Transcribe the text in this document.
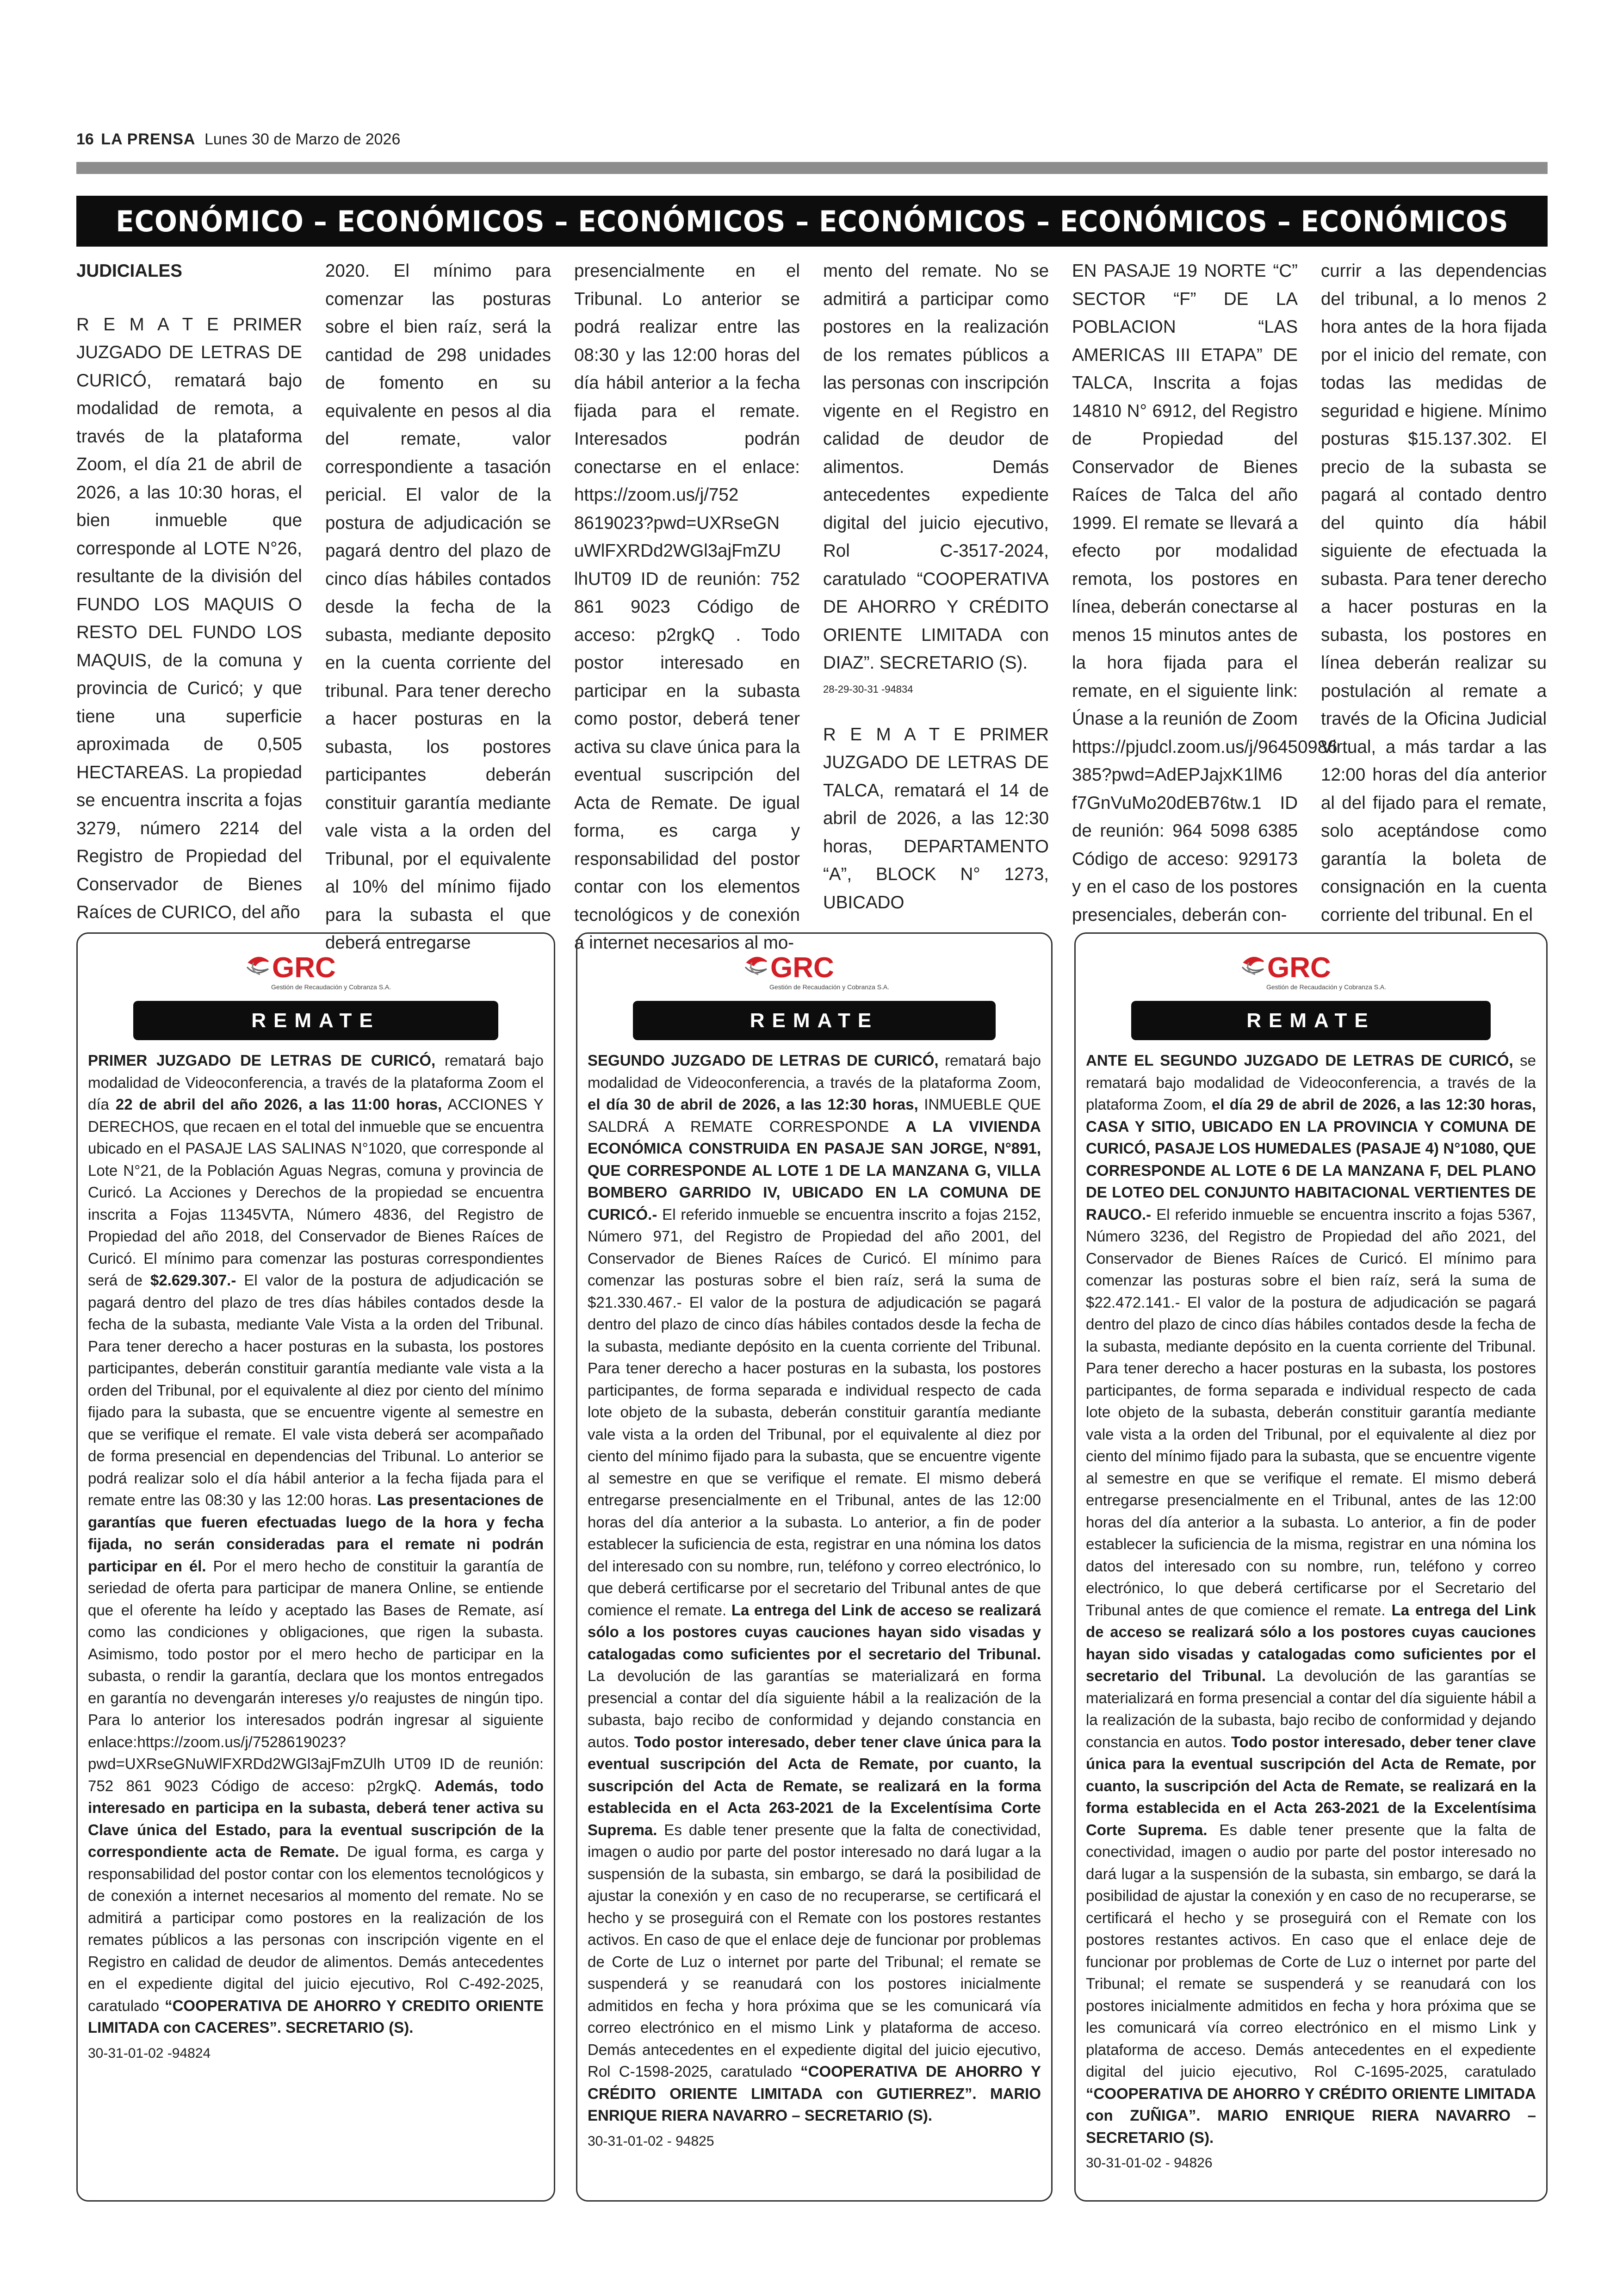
16 LA PRENSA Lunes 30 de Marzo de 2026
ECONÓMICO – ECONÓMICOS – ECONÓMICOS – ECONÓMICOS – ECONÓMICOS – ECONÓMICOS
JUDICIALES
R E M A T E PRIMER JUZGADO DE LETRAS DE CURICÓ, rematará bajo modalidad de remota, a través de la plataforma Zoom, el día 21 de abril de 2026, a las 10:30 horas, el bien inmueble que corresponde al LOTE N°26, resultante de la división del FUNDO LOS MAQUIS O RESTO DEL FUNDO LOS MAQUIS, de la comuna y provincia de Curicó; y que tiene una superficie aproximada de 0,505 HECTAREAS. La propiedad se encuentra inscrita a fojas 3279, número 2214 del Registro de Propiedad del Conservador de Bienes Raíces de CURICO, del año
2020. El mínimo para comenzar las posturas sobre el bien raíz, será la cantidad de 298 unidades de fomento en su equivalente en pesos al dia del remate, valor correspondiente a tasación pericial. El valor de la postura de adjudicación se pagará dentro del plazo de cinco días hábiles contados desde la fecha de la subasta, mediante deposito en la cuenta corriente del tribunal. Para tener derecho a hacer posturas en la subasta, los postores participantes deberán constituir garantía mediante vale vista a la orden del Tribunal, por el equivalente al 10% del mínimo fijado para la subasta el que deberá entregarse
presencialmente en el Tribunal. Lo anterior se podrá realizar entre las 08:30 y las 12:00 horas del día hábil anterior a la fecha fijada para el remate. Interesados podrán conectarse en el enlace: https://zoom.us/j/752 8619023?pwd=UXRseGN uWlFXRDd2WGl3ajFmZU lhUT09 ID de reunión: 752 861 9023 Código de acceso: p2rgkQ . Todo postor interesado en participar en la subasta como postor, deberá tener activa su clave única para la eventual suscripción del Acta de Remate. De igual forma, es carga y responsabilidad del postor contar con los elementos tecnológicos y de conexión a internet necesarios al mo-
mento del remate. No se admitirá a participar como postores en la realización de los remates públicos a las personas con inscripción vigente en el Registro en calidad de deudor de alimentos. Demás antecedentes expediente digital del juicio ejecutivo, Rol C-3517-2024, caratulado “COOPERATIVA DE AHORRO Y CRÉDITO ORIENTE LIMITADA con DIAZ”. SECRETARIO (S).
28-29-30-31 -94834
R E M A T E PRIMER JUZGADO DE LETRAS DE TALCA, rematará el 14 de abril de 2026, a las 12:30 horas, DEPARTAMENTO “A”, BLOCK N° 1273, UBICADO
EN PASAJE 19 NORTE “C” SECTOR “F” DE LA POBLACION “LAS AMERICAS III ETAPA” DE TALCA, Inscrita a fojas 14810 N° 6912, del Registro de Propiedad del Conservador de Bienes Raíces de Talca del año 1999. El remate se llevará a efecto por modalidad remota, los postores en línea, deberán conectarse al menos 15 minutos antes de la hora fijada para el remate, en el siguiente link: Únase a la reunión de Zoom https://pjudcl.zoom.us/j/96450986 385?pwd=AdEPJajxK1lM6 f7GnVuMo20dEB76tw.1 ID de reunión: 964 5098 6385 Código de acceso: 929173 y en el caso de los postores presenciales, deberán con-
currir a las dependencias del tribunal, a lo menos 2 hora antes de la hora fijada por el inicio del remate, con todas las medidas de seguridad e higiene. Mínimo posturas $15.137.302. El precio de la subasta se pagará al contado dentro del quinto día hábil siguiente de efectuada la subasta. Para tener derecho a hacer posturas en la subasta, los postores en línea deberán realizar su postulación al remate a través de la Oficina Judicial Virtual, a más tardar a las 12:00 horas del día anterior al del fijado para el remate, solo aceptándose como garantía la boleta de consignación en la cuenta corriente del tribunal. En el
GRC
Gestión de Recaudación y Cobranza S.A.
REMATE
PRIMER JUZGADO DE LETRAS DE CURICÓ, rematará bajo modalidad de Videoconferencia, a través de la plataforma Zoom el día 22 de abril del año 2026, a las 11:00 horas, ACCIONES Y DERECHOS, que recaen en el total del inmueble que se encuentra ubicado en el PASAJE LAS SALINAS N°1020, que corresponde al Lote N°21, de la Población Aguas Negras, comuna y provincia de Curicó. La Acciones y Derechos de la propiedad se encuentra inscrita a Fojas 11345VTA, Número 4836, del Registro de Propiedad del año 2018, del Conservador de Bienes Raíces de Curicó. El mínimo para comenzar las posturas correspondientes será de $2.629.307.- El valor de la postura de adjudicación se pagará dentro del plazo de tres días hábiles contados desde la fecha de la subasta, mediante Vale Vista a la orden del Tribunal. Para tener derecho a hacer posturas en la subasta, los postores participantes, deberán constituir garantía mediante vale vista a la orden del Tribunal, por el equivalente al diez por ciento del mínimo fijado para la subasta, que se encuentre vigente al semestre en que se verifique el remate. El vale vista deberá ser acompañado de forma presencial en dependencias del Tribunal. Lo anterior se podrá realizar solo el día hábil anterior a la fecha fijada para el remate entre las 08:30 y las 12:00 horas. Las presentaciones de garantías que fueren efectuadas luego de la hora y fecha fijada, no serán consideradas para el remate ni podrán participar en él. Por el mero hecho de constituir la garantía de seriedad de oferta para participar de manera Online, se entiende que el oferente ha leído y aceptado las Bases de Remate, así como las condiciones y obligaciones, que rigen la subasta. Asimismo, todo postor por el mero hecho de participar en la subasta, o rendir la garantía, declara que los montos entregados en garantía no devengarán intereses y/o reajustes de ningún tipo. Para lo anterior los interesados podrán ingresar al siguiente enlace:https://zoom.us/j/7528619023?pwd=UXRseGNuWlFXRDd2WGl3ajFmZUlh UT09 ID de reunión: 752 861 9023 Código de acceso: p2rgkQ. Además, todo interesado en participa en la subasta, deberá tener activa su Clave única del Estado, para la eventual suscripción de la correspondiente acta de Remate. De igual forma, es carga y responsabilidad del postor contar con los elementos tecnológicos y de conexión a internet necesarios al momento del remate. No se admitirá a participar como postores en la realización de los remates públicos a las personas con inscripción vigente en el Registro en calidad de deudor de alimentos. Demás antecedentes en el expediente digital del juicio ejecutivo, Rol C-492-2025, caratulado “COOPERATIVA DE AHORRO Y CREDITO ORIENTE LIMITADA con CACERES”. SECRETARIO (S).
30-31-01-02 -94824
GRC
Gestión de Recaudación y Cobranza S.A.
REMATE
SEGUNDO JUZGADO DE LETRAS DE CURICÓ, rematará bajo modalidad de Videoconferencia, a través de la plataforma Zoom, el día 30 de abril de 2026, a las 12:30 horas, INMUEBLE QUE SALDRÁ A REMATE CORRESPONDE A LA VIVIENDA ECONÓMICA CONSTRUIDA EN PASAJE SAN JORGE, N°891, QUE CORRESPONDE AL LOTE 1 DE LA MANZANA G, VILLA BOMBERO GARRIDO IV, UBICADO EN LA COMUNA DE CURICÓ.- El referido inmueble se encuentra inscrito a fojas 2152, Número 971, del Registro de Propiedad del año 2001, del Conservador de Bienes Raíces de Curicó. El mínimo para comenzar las posturas sobre el bien raíz, será la suma de $21.330.467.- El valor de la postura de adjudicación se pagará dentro del plazo de cinco días hábiles contados desde la fecha de la subasta, mediante depósito en la cuenta corriente del Tribunal. Para tener derecho a hacer posturas en la subasta, los postores participantes, de forma separada e individual respecto de cada lote objeto de la subasta, deberán constituir garantía mediante vale vista a la orden del Tribunal, por el equivalente al diez por ciento del mínimo fijado para la subasta, que se encuentre vigente al semestre en que se verifique el remate. El mismo deberá entregarse presencialmente en el Tribunal, antes de las 12:00 horas del día anterior a la subasta. Lo anterior, a fin de poder establecer la suficiencia de esta, registrar en una nómina los datos del interesado con su nombre, run, teléfono y correo electrónico, lo que deberá certificarse por el secretario del Tribunal antes de que comience el remate. La entrega del Link de acceso se realizará sólo a los postores cuyas cauciones hayan sido visadas y catalogadas como suficientes por el secretario del Tribunal. La devolución de las garantías se materializará en forma presencial a contar del día siguiente hábil a la realización de la subasta, bajo recibo de conformidad y dejando constancia en autos. Todo postor interesado, deber tener clave única para la eventual suscripción del Acta de Remate, por cuanto, la suscripción del Acta de Remate, se realizará en la forma establecida en el Acta 263-2021 de la Excelentísima Corte Suprema. Es dable tener presente que la falta de conectividad, imagen o audio por parte del postor interesado no dará lugar a la suspensión de la subasta, sin embargo, se dará la posibilidad de ajustar la conexión y en caso de no recuperarse, se certificará el hecho y se proseguirá con el Remate con los postores restantes activos. En caso de que el enlace deje de funcionar por problemas de Corte de Luz o internet por parte del Tribunal; el remate se suspenderá y se reanudará con los postores inicialmente admitidos en fecha y hora próxima que se les comunicará vía correo electrónico en el mismo Link y plataforma de acceso. Demás antecedentes en el expediente digital del juicio ejecutivo, Rol C-1598-2025, caratulado “COOPERATIVA DE AHORRO Y CRÉDITO ORIENTE LIMITADA con GUTIERREZ”. MARIO ENRIQUE RIERA NAVARRO – SECRETARIO (S).
30-31-01-02 - 94825
GRC
Gestión de Recaudación y Cobranza S.A.
REMATE
ANTE EL SEGUNDO JUZGADO DE LETRAS DE CURICÓ, se rematará bajo modalidad de Videoconferencia, a través de la plataforma Zoom, el día 29 de abril de 2026, a las 12:30 horas, CASA Y SITIO, UBICADO EN LA PROVINCIA Y COMUNA DE CURICÓ, PASAJE LOS HUMEDALES (PASAJE 4) N°1080, QUE CORRESPONDE AL LOTE 6 DE LA MANZANA F, DEL PLANO DE LOTEO DEL CONJUNTO HABITACIONAL VERTIENTES DE RAUCO.- El referido inmueble se encuentra inscrito a fojas 5367, Número 3236, del Registro de Propiedad del año 2021, del Conservador de Bienes Raíces de Curicó. El mínimo para comenzar las posturas sobre el bien raíz, será la suma de $22.472.141.- El valor de la postura de adjudicación se pagará dentro del plazo de cinco días hábiles contados desde la fecha de la subasta, mediante depósito en la cuenta corriente del Tribunal. Para tener derecho a hacer posturas en la subasta, los postores participantes, de forma separada e individual respecto de cada lote objeto de la subasta, deberán constituir garantía mediante vale vista a la orden del Tribunal, por el equivalente al diez por ciento del mínimo fijado para la subasta, que se encuentre vigente al semestre en que se verifique el remate. El mismo deberá entregarse presencialmente en el Tribunal, antes de las 12:00 horas del día anterior a la subasta. Lo anterior, a fin de poder establecer la suficiencia de la misma, registrar en una nómina los datos del interesado con su nombre, run, teléfono y correo electrónico, lo que deberá certificarse por el Secretario del Tribunal antes de que comience el remate. La entrega del Link de acceso se realizará sólo a los postores cuyas cauciones hayan sido visadas y catalogadas como suficientes por el secretario del Tribunal. La devolución de las garantías se materializará en forma presencial a contar del día siguiente hábil a la realización de la subasta, bajo recibo de conformidad y dejando constancia en autos. Todo postor interesado, deber tener clave única para la eventual suscripción del Acta de Remate, por cuanto, la suscripción del Acta de Remate, se realizará en la forma establecida en el Acta 263-2021 de la Excelentísima Corte Suprema. Es dable tener presente que la falta de conectividad, imagen o audio por parte del postor interesado no dará lugar a la suspensión de la subasta, sin embargo, se dará la posibilidad de ajustar la conexión y en caso de no recuperarse, se certificará el hecho y se proseguirá con el Remate con los postores restantes activos. En caso que el enlace deje de funcionar por problemas de Corte de Luz o internet por parte del Tribunal; el remate se suspenderá y se reanudará con los postores inicialmente admitidos en fecha y hora próxima que se les comunicará vía correo electrónico en el mismo Link y plataforma de acceso. Demás antecedentes en el expediente digital del juicio ejecutivo, Rol C-1695-2025, caratulado “COOPERATIVA DE AHORRO Y CRÉDITO ORIENTE LIMITADA con ZUÑIGA”. MARIO ENRIQUE RIERA NAVARRO – SECRETARIO (S).
30-31-01-02 - 94826
